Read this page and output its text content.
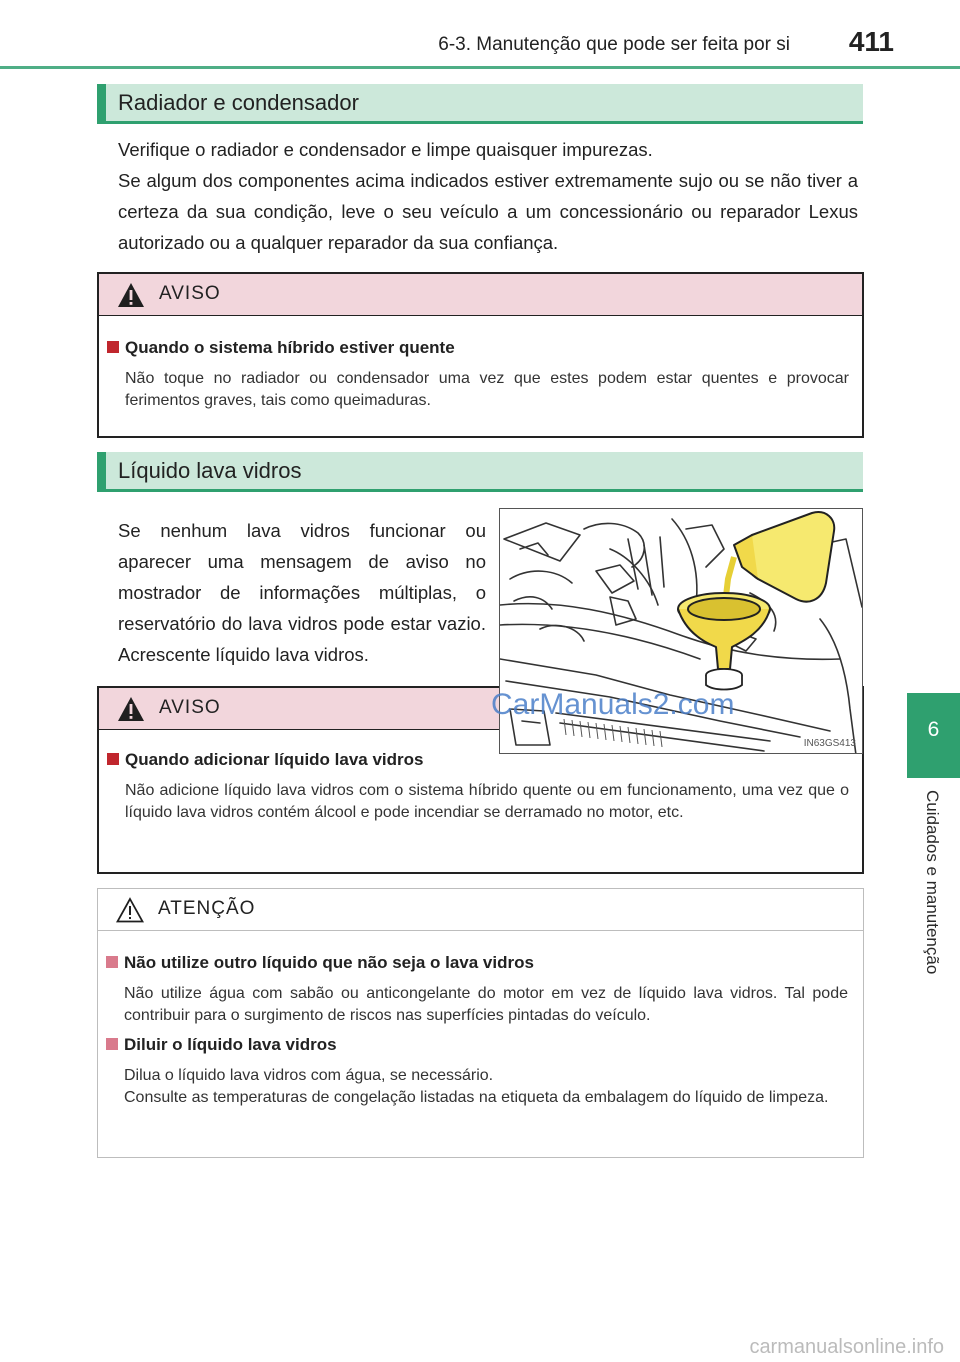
6-3. Manutenção que pode ser feita por si 411
6
Cuidados e manutenção
Radiador e condensador
Verifique o radiador e condensador e limpe quaisquer impurezas.
Se algum dos componentes acima indicados estiver extremamente sujo ou se não tiver a certeza da sua condição, leve o seu veículo a um concessionário ou reparador Lexus autorizado ou a qualquer reparador da sua confiança.
AVISO
Quando o sistema híbrido estiver quente
Não toque no radiador ou condensador uma vez que estes podem estar quentes e provocar ferimentos graves, tais como queimaduras.
Líquido lava vidros
Se nenhum lava vidros funcionar ou aparecer uma mensagem de aviso no mostrador de informações múltiplas, o reservatório do lava vidros pode estar vazio. Acrescente líquido lava vidros.
AVISO
Quando adicionar líquido lava vidros
Não adicione líquido lava vidros com o sistema híbrido quente ou em funcionamento, uma vez que o líquido lava vidros contém álcool e pode incendiar se derramado no motor, etc.
IN63GS413
ATENÇÃO
Não utilize outro líquido que não seja o lava vidros
Não utilize água com sabão ou anticongelante do motor em vez de líquido lava vidros. Tal pode contribuir para o surgimento de riscos nas superfícies pintadas do veículo.
Diluir o líquido lava vidros
Dilua o líquido lava vidros com água, se necessário.
Consulte as temperaturas de congelação listadas na etiqueta da embalagem do líquido de limpeza.
CarManuals2.com
carmanualsonline.info
